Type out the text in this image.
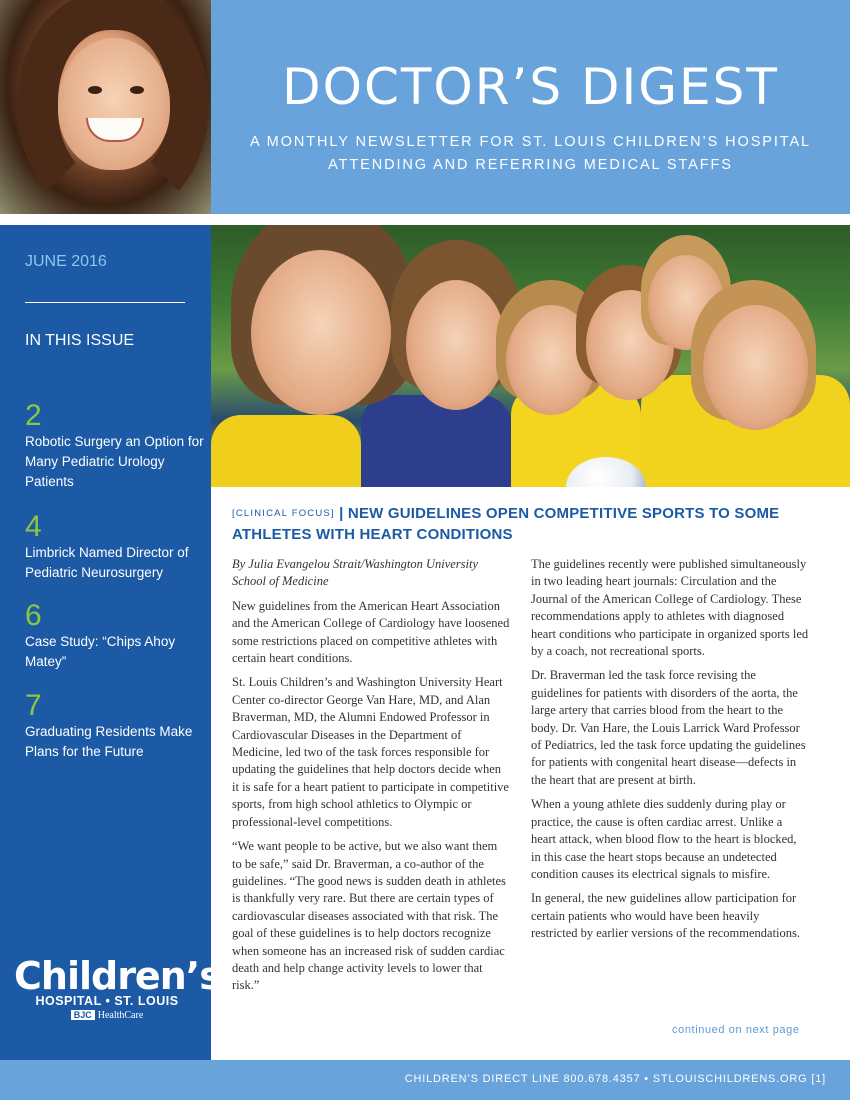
DOCTOR’S DIGEST
A MONTHLY NEWSLETTER FOR ST. LOUIS CHILDREN’S HOSPITAL
ATTENDING AND REFERRING MEDICAL STAFFS
JUNE 2016
IN THIS ISSUE
2
Robotic Surgery an Option for Many Pediatric Urology Patients
4
Limbrick Named Director of Pediatric Neurosurgery
6
Case Study: “Chips Ahoy Matey”
7
Graduating Residents Make Plans for the Future
Children’s
HOSPITAL • ST. LOUIS
BJC HealthCare
[CLINICAL FOCUS] | NEW GUIDELINES OPEN COMPETITIVE SPORTS TO SOME ATHLETES WITH HEART CONDITIONS

By Julia Evangelou Strait/Washington University School of Medicine

New guidelines from the American Heart Association and the American College of Cardiology have loosened some restrictions placed on competitive athletes with certain heart conditions.

St. Louis Children’s and Washington University Heart Center co-director George Van Hare, MD, and Alan Braverman, MD, the Alumni Endowed Professor in Cardiovascular Diseases in the Department of Medicine, led two of the task forces responsible for updating the guidelines that help doctors decide when it is safe for a heart patient to participate in competitive sports, from high school athletics to Olympic or professional-level competitions.

“We want people to be active, but we also want them to be safe,” said Dr. Braverman, a co-author of the guidelines. “The good news is sudden death in athletes is thankfully very rare. But there are certain types of cardiovascular diseases associated with that risk. The goal of these guidelines is to help doctors recognize when someone has an increased risk of sudden cardiac death and help change activity levels to lower that risk.”

The guidelines recently were published simultaneously in two leading heart journals: Circulation and the Journal of the American College of Cardiology. These recommendations apply to athletes with diagnosed heart conditions who participate in organized sports led by a coach, not recreational sports.

Dr. Braverman led the task force revising the guidelines for patients with disorders of the aorta, the large artery that carries blood from the heart to the body. Dr. Van Hare, the Louis Larrick Ward Professor of Pediatrics, led the task force updating the guidelines for patients with congenital heart disease—defects in the heart that are present at birth.

When a young athlete dies suddenly during play or practice, the cause is often cardiac arrest. Unlike a heart attack, when blood flow to the heart is blocked, in this case the heart stops because an undetected condition causes its electrical signals to misfire.

In general, the new guidelines allow participation for certain patients who would have been heavily restricted by earlier versions of the recommendations.

continued on next page
CHILDREN’S DIRECT LINE 800.678.4357 • STLOUISCHILDRENS.ORG [1]
